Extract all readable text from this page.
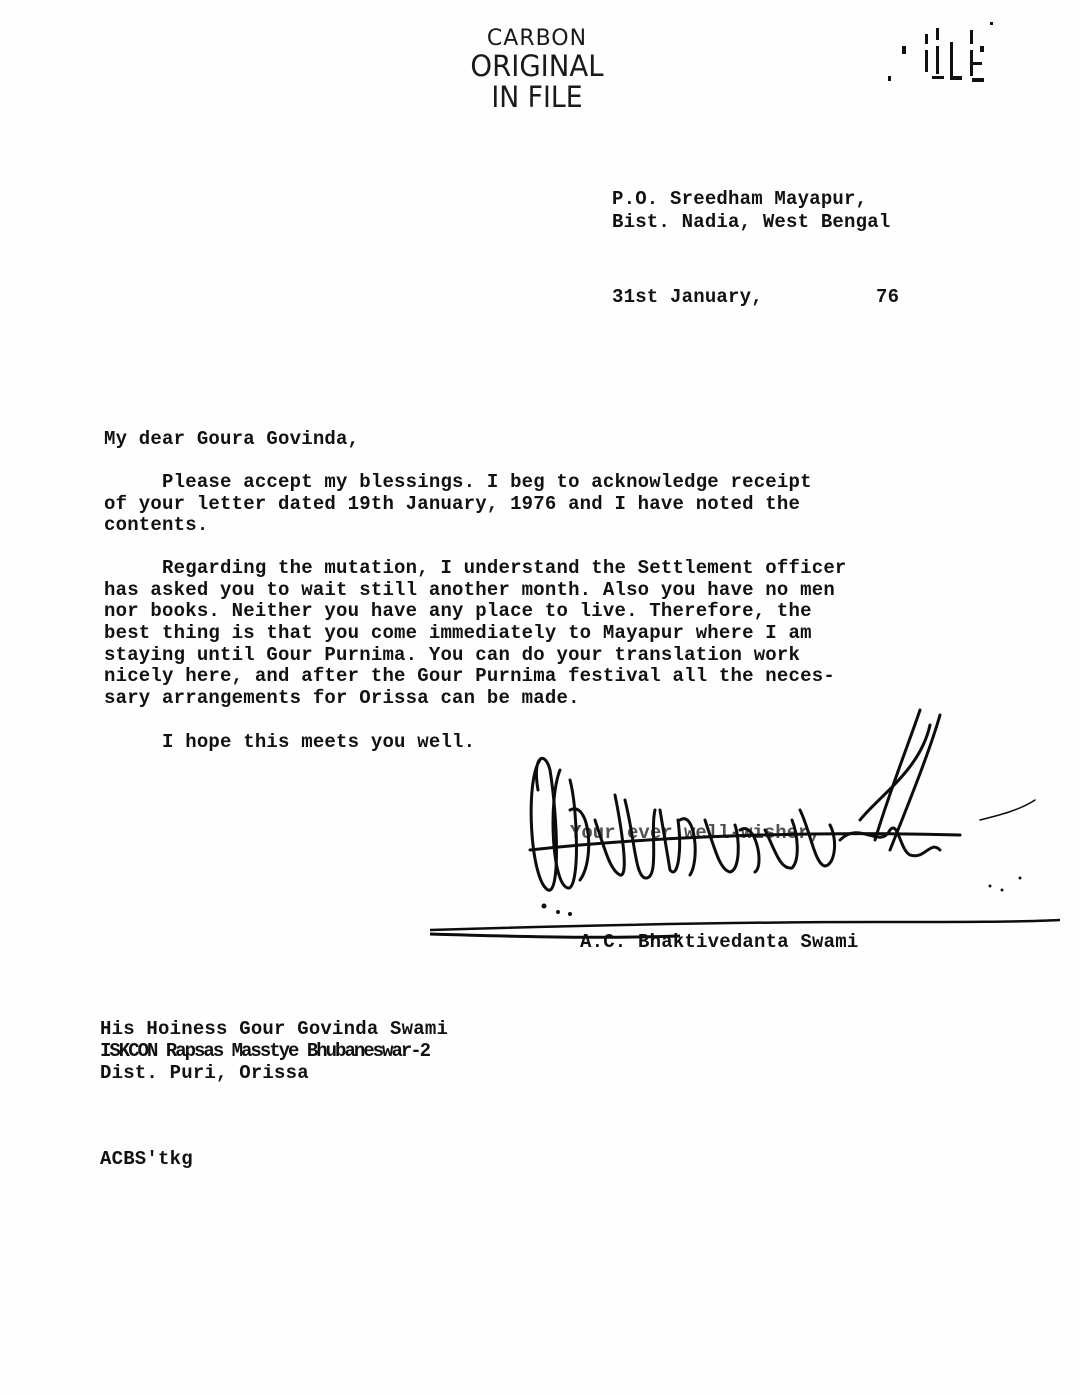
CARBON
ORIGINAL
IN FILE
P.O. Sreedham Mayapur,
Bist. Nadia, West Bengal
31st January,	76
My dear Goura Govinda,
Please accept my blessings. I beg to acknowledge receipt
of your letter dated 19th January, 1976 and I have noted the
contents.
Regarding the mutation, I understand the Settlement officer
has asked you to wait still another month. Also you have no men
nor books. Neither you have any place to live. Therefore, the
best thing is that you come immediately to Mayapur where I am
staying until Gour Purnima. You can do your translation work
nicely here, and after the Gour Purnima festival all the neces-
sary arrangements for Orissa can be made.
I hope this meets you well.
Your ever well-wisher,
A.C. Bhaktivedanta Swami
His Hoiness Gour Govinda Swami
ISKCON Rapsas Masstye Bhubaneswar-2
Dist. Puri, Orissa
ACBS'tkg
